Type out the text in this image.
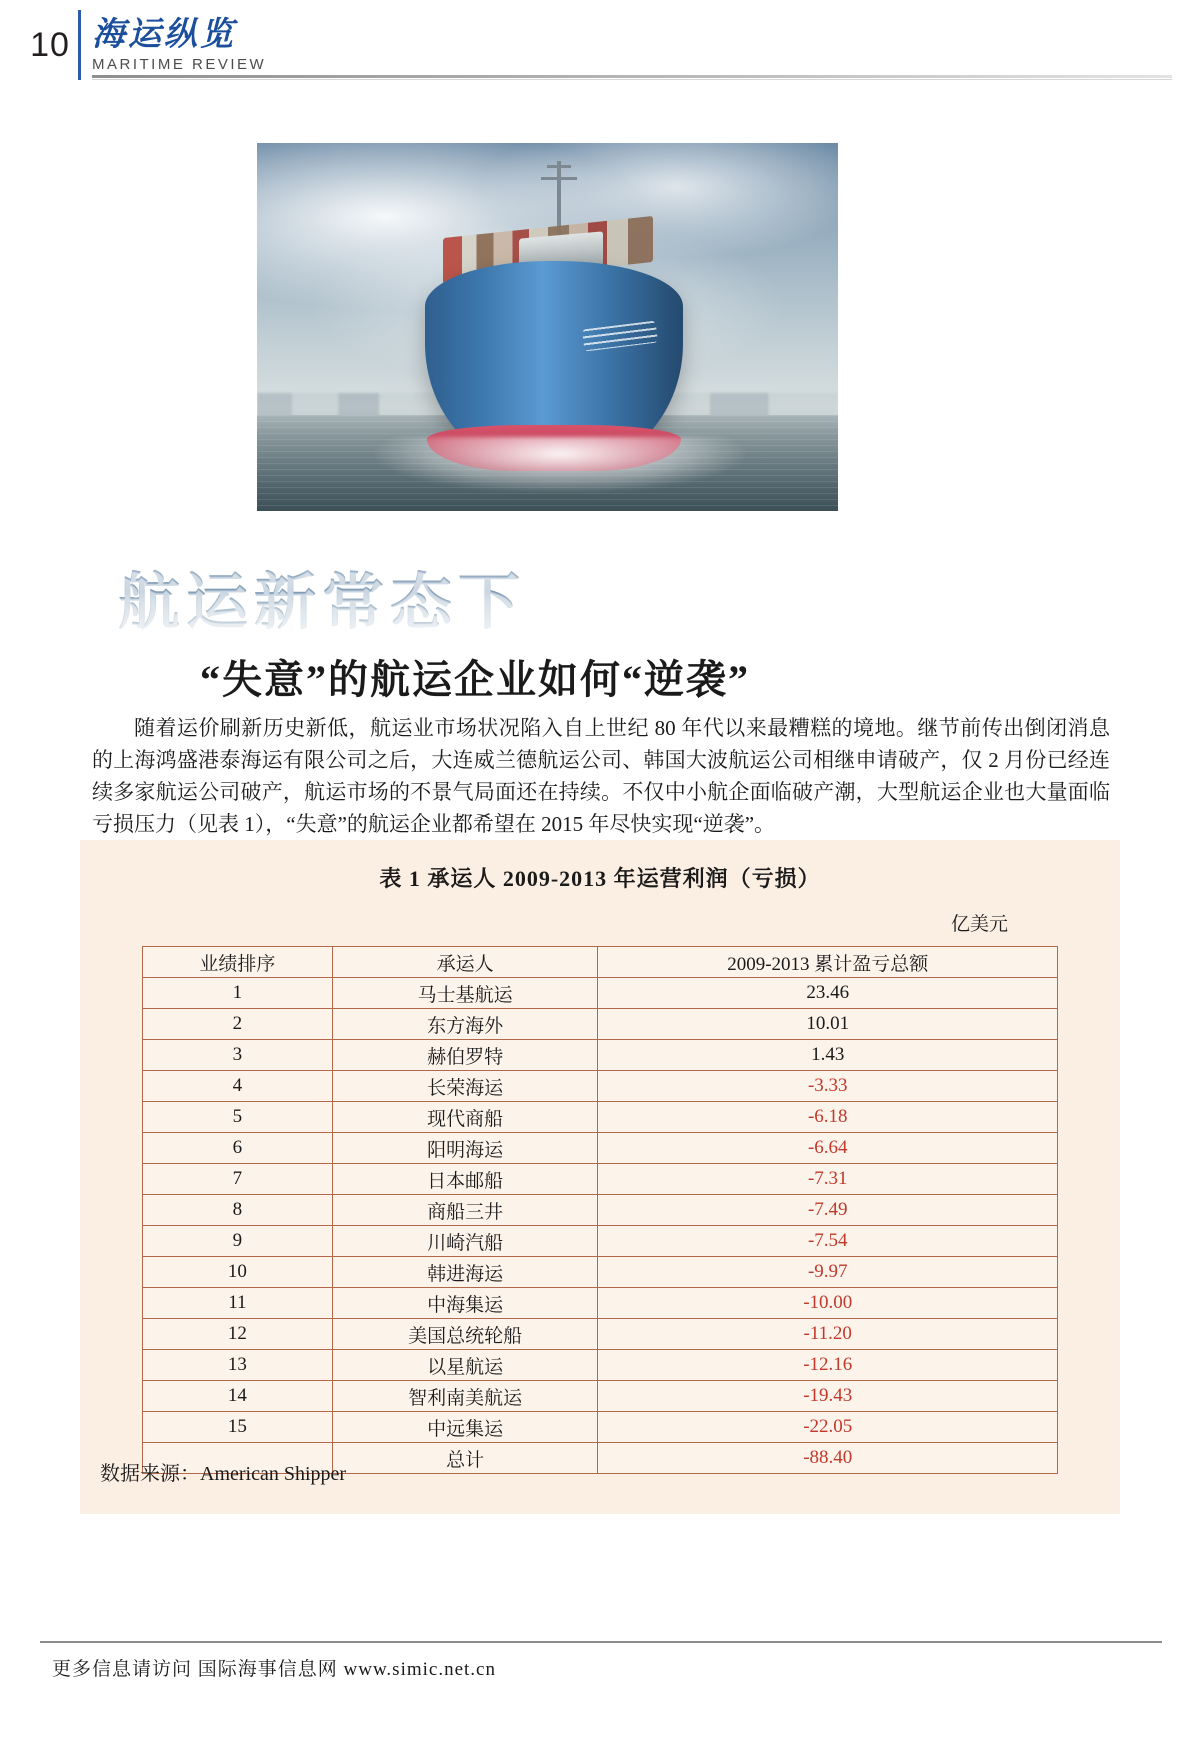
10 海运纵览
MARITIME REVIEW
航运新常态下
“失意”的航运企业如何“逆袭”
随着运价刷新历史新低，航运业市场状况陷入自上世纪 80 年代以来最糟糕的境地。继节前传出倒闭消息的上海鸿盛港泰海运有限公司之后，大连威兰德航运公司、韩国大波航运公司相继申请破产，仅 2 月份已经连续多家航运公司破产，航运市场的不景气局面还在持续。不仅中小航企面临破产潮，大型航运企业也大量面临亏损压力（见表 1），“失意”的航运企业都希望在 2015 年尽快实现“逆袭”。
表 1 承运人 2009-2013 年运营利润（亏损）
亿美元
业绩排序	承运人	2009-2013 累计盈亏总额
1	马士基航运	23.46
2	东方海外	10.01
3	赫伯罗特	1.43
4	长荣海运	-3.33
5	现代商船	-6.18
6	阳明海运	-6.64
7	日本邮船	-7.31
8	商船三井	-7.49
9	川崎汽船	-7.54
10	韩进海运	-9.97
11	中海集运	-10.00
12	美国总统轮船	-11.20
13	以星航运	-12.16
14	智利南美航运	-19.43
15	中远集运	-22.05
	总计	-88.40
数据来源：American Shipper
更多信息请访问 国际海事信息网 www.simic.net.cn
